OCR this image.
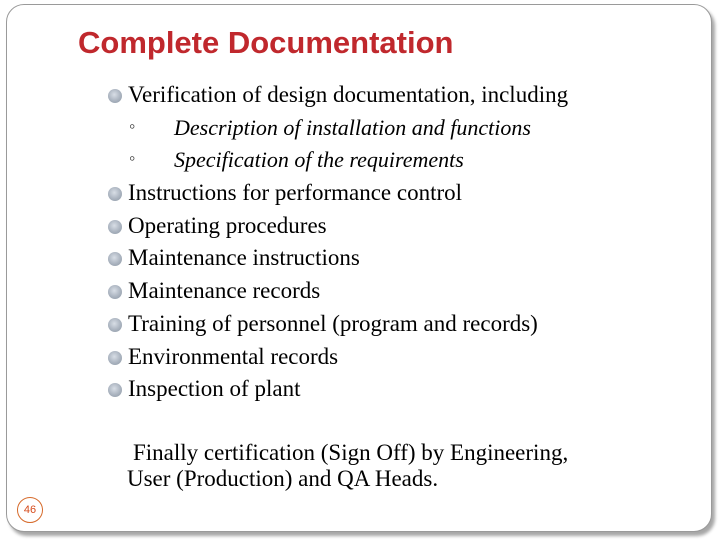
Complete Documentation
Verification of design documentation, including
◦ Description of installation and functions
◦ Specification of the requirements
Instructions for performance control
Operating procedures
Maintenance instructions
Maintenance records
Training of personnel (program and records)
Environmental records
Inspection of plant

Finally certification (Sign Off) by Engineering,
User (Production) and QA Heads.

46
